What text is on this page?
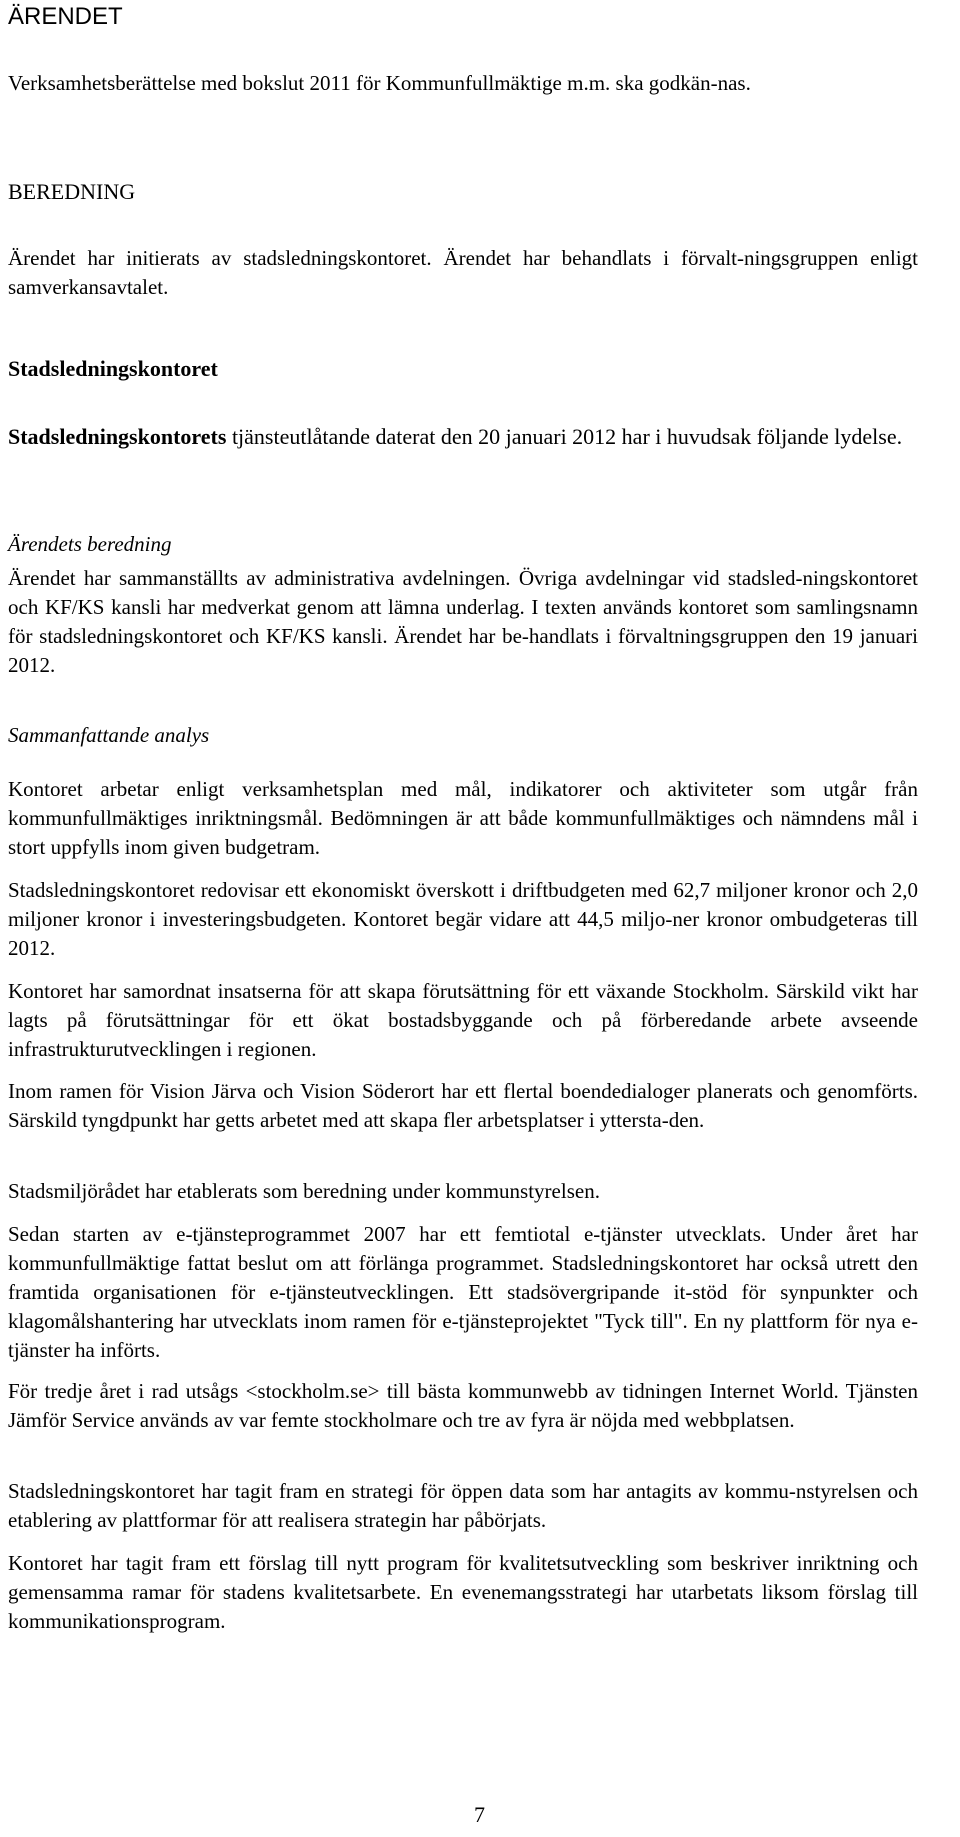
ÄRENDET

Verksamhetsberättelse med bokslut 2011 för Kommunfullmäktige m.m. ska godkän-nas.

BEREDNING

Ärendet har initierats av stadsledningskontoret. Ärendet har behandlats i förvalt-ningsgruppen enligt samverkansavtalet.

Stadsledningskontoret

Stadsledningskontorets tjänsteutlåtande daterat den 20 januari 2012 har i huvudsak följande lydelse.

Ärendets beredning

Ärendet har sammanställts av administrativa avdelningen. Övriga avdelningar vid stadsled-ningskontoret och KF/KS kansli har medverkat genom att lämna underlag. I texten används kontoret som samlingsnamn för stadsledningskontoret och KF/KS kansli. Ärendet har be-handlats i förvaltningsgruppen den 19 januari 2012.

Sammanfattande analys

Kontoret arbetar enligt verksamhetsplan med mål, indikatorer och aktiviteter som utgår från kommunfullmäktiges inriktningsmål. Bedömningen är att både kommunfullmäktiges och nämndens mål i stort uppfylls inom given budgetram.

Stadsledningskontoret redovisar ett ekonomiskt överskott i driftbudgeten med 62,7 miljoner kronor och 2,0 miljoner kronor i investeringsbudgeten. Kontoret begär vidare att 44,5 miljo-ner kronor ombudgeteras till 2012.

Kontoret har samordnat insatserna för att skapa förutsättning för ett växande Stockholm. Särskild vikt har lagts på förutsättningar för ett ökat bostadsbyggande och på förberedande arbete avseende infrastrukturutvecklingen i regionen.

Inom ramen för Vision Järva och Vision Söderort har ett flertal boendedialoger planerats och genomförts. Särskild tyngdpunkt har getts arbetet med att skapa fler arbetsplatser i yttersta-den.

Stadsmiljörådet har etablerats som beredning under kommunstyrelsen.

Sedan starten av e-tjänsteprogrammet 2007 har ett femtiotal e-tjänster utvecklats. Under året har kommunfullmäktige fattat beslut om att förlänga programmet. Stadsledningskontoret har också utrett den framtida organisationen för e-tjänsteutvecklingen. Ett stadsövergripande it-stöd för synpunkter och klagomålshantering har utvecklats inom ramen för e-tjänsteprojektet "Tyck till". En ny plattform för nya e-tjänster ha införts.

För tredje året i rad utsågs <stockholm.se> till bästa kommunwebb av tidningen Internet World. Tjänsten Jämför Service används av var femte stockholmare och tre av fyra är nöjda med webbplatsen.

Stadsledningskontoret har tagit fram en strategi för öppen data som har antagits av kommu-nstyrelsen och etablering av plattformar för att realisera strategin har påbörjats.

Kontoret har tagit fram ett förslag till nytt program för kvalitetsutveckling som beskriver inriktning och gemensamma ramar för stadens kvalitetsarbete. En evenemangsstrategi har utarbetats liksom förslag till kommunikationsprogram.

7
